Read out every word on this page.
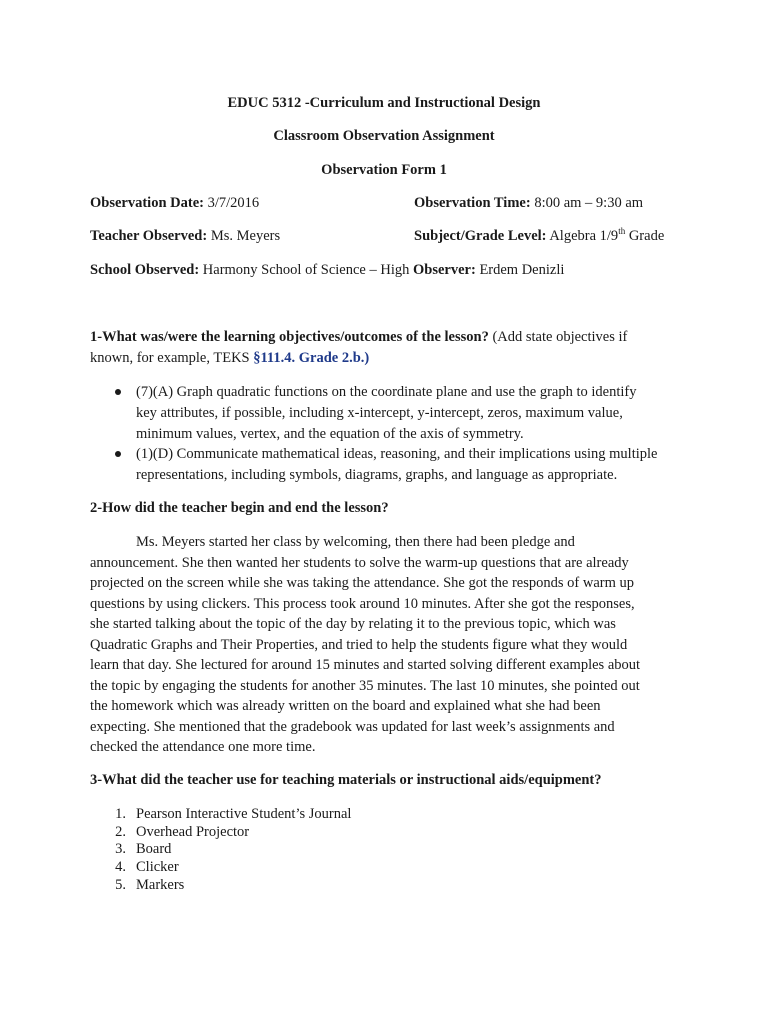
EDUC 5312 -Curriculum and Instructional Design
Classroom Observation Assignment
Observation Form 1
Observation Date: 3/7/2016	Observation Time: 8:00 am – 9:30 am
Teacher Observed: Ms. Meyers	Subject/Grade Level: Algebra 1/9th Grade
School Observed: Harmony School of Science – High Observer: Erdem Denizli
1-What was/were the learning objectives/outcomes of the lesson? (Add state objectives if
known, for example, TEKS §111.4. Grade 2.b.)
(7)(A) Graph quadratic functions on the coordinate plane and use the graph to identify
key attributes, if possible, including x-intercept, y-intercept, zeros, maximum value,
minimum values, vertex, and the equation of the axis of symmetry.
(1)(D) Communicate mathematical ideas, reasoning, and their implications using multiple
representations, including symbols, diagrams, graphs, and language as appropriate.
2-How did the teacher begin and end the lesson?
Ms. Meyers started her class by welcoming, then there had been pledge and
announcement. She then wanted her students to solve the warm-up questions that are already
projected on the screen while she was taking the attendance. She got the responds of warm up
questions by using clickers. This process took around 10 minutes. After she got the responses,
she started talking about the topic of the day by relating it to the previous topic, which was
Quadratic Graphs and Their Properties, and tried to help the students figure what they would
learn that day. She lectured for around 15 minutes and started solving different examples about
the topic by engaging the students for another 35 minutes. The last 10 minutes, she pointed out
the homework which was already written on the board and explained what she had been
expecting. She mentioned that the gradebook was updated for last week’s assignments and
checked the attendance one more time.
3-What did the teacher use for teaching materials or instructional aids/equipment?
1. Pearson Interactive Student’s Journal
2. Overhead Projector
3. Board
4. Clicker
5. Markers
